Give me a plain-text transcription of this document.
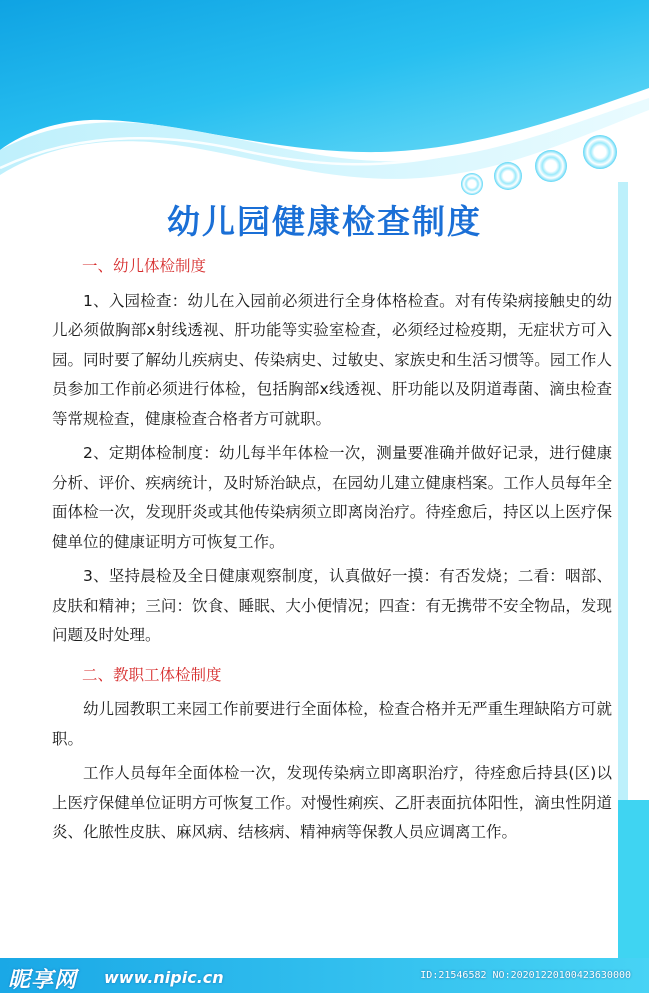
幼儿园健康检查制度
一、幼儿体检制度

1、入园检查：幼儿在入园前必须进行全身体格检查。对有传染病接触史的幼儿必须做胸部x射线透视、肝功能等实验室检查，必须经过检疫期，无症状方可入园。同时要了解幼儿疾病史、传染病史、过敏史、家族史和生活习惯等。园工作人员参加工作前必须进行体检，包括胸部x线透视、肝功能以及阴道毒菌、滴虫检查等常规检查，健康检查合格者方可就职。

2、定期体检制度：幼儿每半年体检一次，测量要准确并做好记录，进行健康分析、评价、疾病统计，及时矫治缺点，在园幼儿建立健康档案。工作人员每年全面体检一次，发现肝炎或其他传染病须立即离岗治疗。待痊愈后，持区以上医疗保健单位的健康证明方可恢复工作。

3、坚持晨检及全日健康观察制度，认真做好一摸：有否发烧；二看：咽部、皮肤和精神；三问：饮食、睡眠、大小便情况；四查：有无携带不安全物品，发现问题及时处理。

二、教职工体检制度

幼儿园教职工来园工作前要进行全面体检，检查合格并无严重生理缺陷方可就职。

工作人员每年全面体检一次，发现传染病立即离职治疗，待痊愈后持县(区)以上医疗保健单位证明方可恢复工作。对慢性痢疾、乙肝表面抗体阳性，滴虫性阴道炎、化脓性皮肤、麻风病、结核病、精神病等保教人员应调离工作。

昵享网 www.nipic.cn	ID:21546582 NO:20201220100423630000
